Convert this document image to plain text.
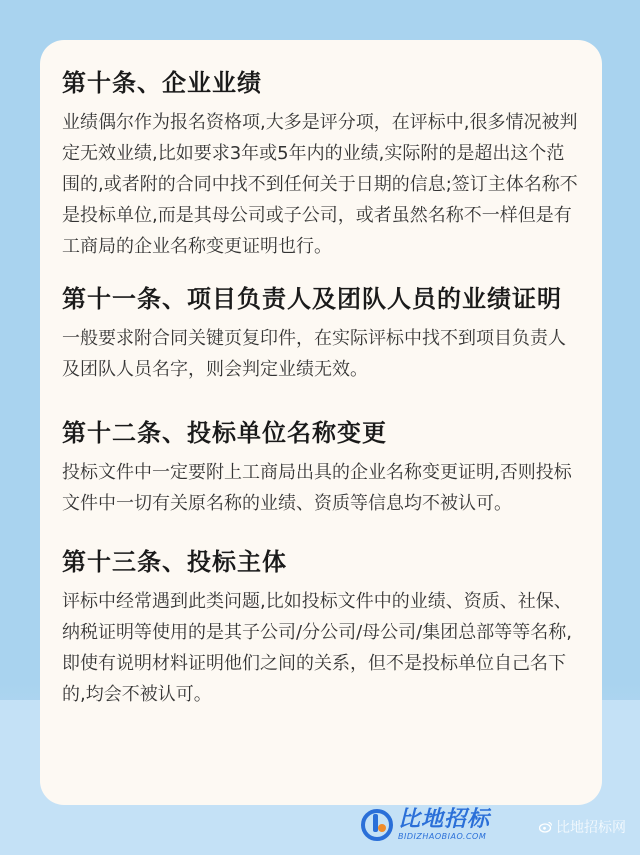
第十条、企业业绩

业绩偶尔作为报名资格项,大多是评分项，在评标中,很多情况被判定无效业绩,比如要求3年或5年内的业绩,实际附的是超出这个范围的,或者附的合同中找不到任何关于日期的信息;签订主体名称不是投标单位,而是其母公司或子公司，或者虽然名称不一样但是有工商局的企业名称变更证明也行。

第十一条、项目负责人及团队人员的业绩证明

一般要求附合同关键页复印件，在实际评标中找不到项目负责人及团队人员名字，则会判定业绩无效。

第十二条、投标单位名称变更

投标文件中一定要附上工商局出具的企业名称变更证明,否则投标文件中一切有关原名称的业绩、资质等信息均不被认可。

第十三条、投标主体

评标中经常遇到此类问题,比如投标文件中的业绩、资质、社保、纳税证明等使用的是其子公司/分公司/母公司/集团总部等等名称,即使有说明材料证明他们之间的关系，但不是投标单位自己名下的,均会不被认可。

比地招标
BIDIZHAOBIAO.COM
比地招标网
